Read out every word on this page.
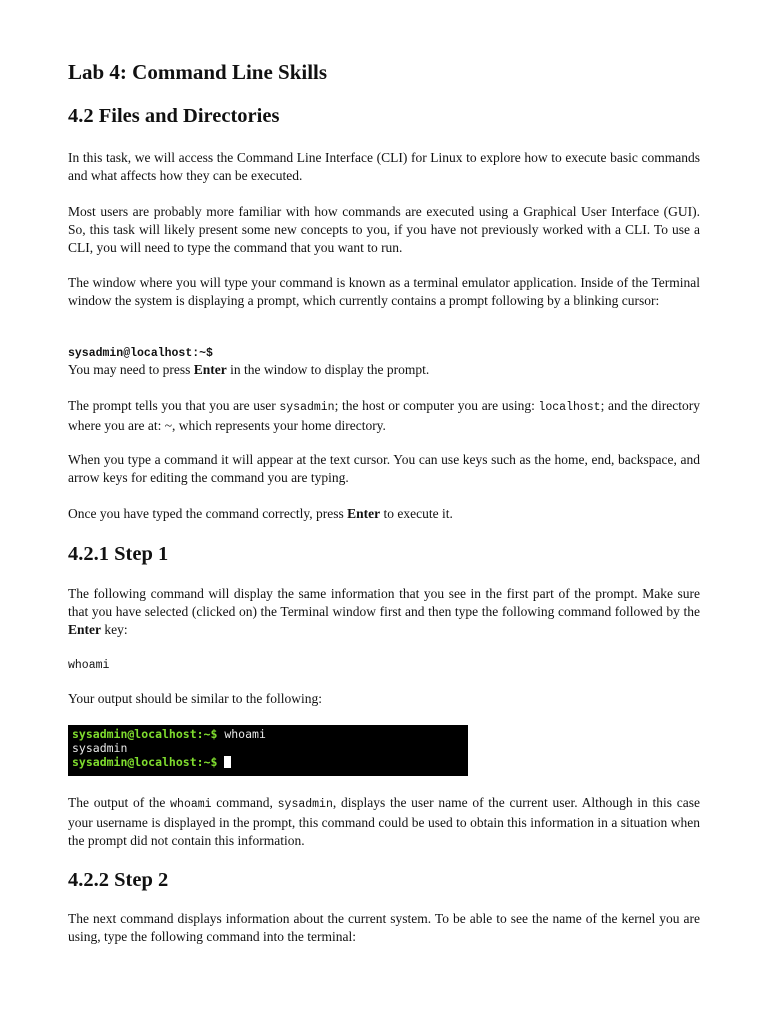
Lab 4: Command Line Skills
4.2 Files and Directories

In this task, we will access the Command Line Interface (CLI) for Linux to explore how to execute basic commands and what affects how they can be executed.

Most users are probably more familiar with how commands are executed using a Graphical User Interface (GUI). So, this task will likely present some new concepts to you, if you have not previously worked with a CLI. To use a CLI, you will need to type the command that you want to run.

The window where you will type your command is known as a terminal emulator application. Inside of the Terminal window the system is displaying a prompt, which currently contains a prompt following by a blinking cursor:

sysadmin@localhost:~$

You may need to press Enter in the window to display the prompt.

The prompt tells you that you are user sysadmin; the host or computer you are using: localhost; and the directory where you are at: ~, which represents your home directory.

When you type a command it will appear at the text cursor. You can use keys such as the home, end, backspace, and arrow keys for editing the command you are typing.

Once you have typed the command correctly, press Enter to execute it.

4.2.1 Step 1

The following command will display the same information that you see in the first part of the prompt. Make sure that you have selected (clicked on) the Terminal window first and then type the following command followed by the Enter key:

whoami

Your output should be similar to the following:

sysadmin@localhost:~$ whoami
sysadmin
sysadmin@localhost:~$

The output of the whoami command, sysadmin, displays the user name of the current user. Although in this case your username is displayed in the prompt, this command could be used to obtain this information in a situation when the prompt did not contain this information.

4.2.2 Step 2

The next command displays information about the current system. To be able to see the name of the kernel you are using, type the following command into the terminal:
